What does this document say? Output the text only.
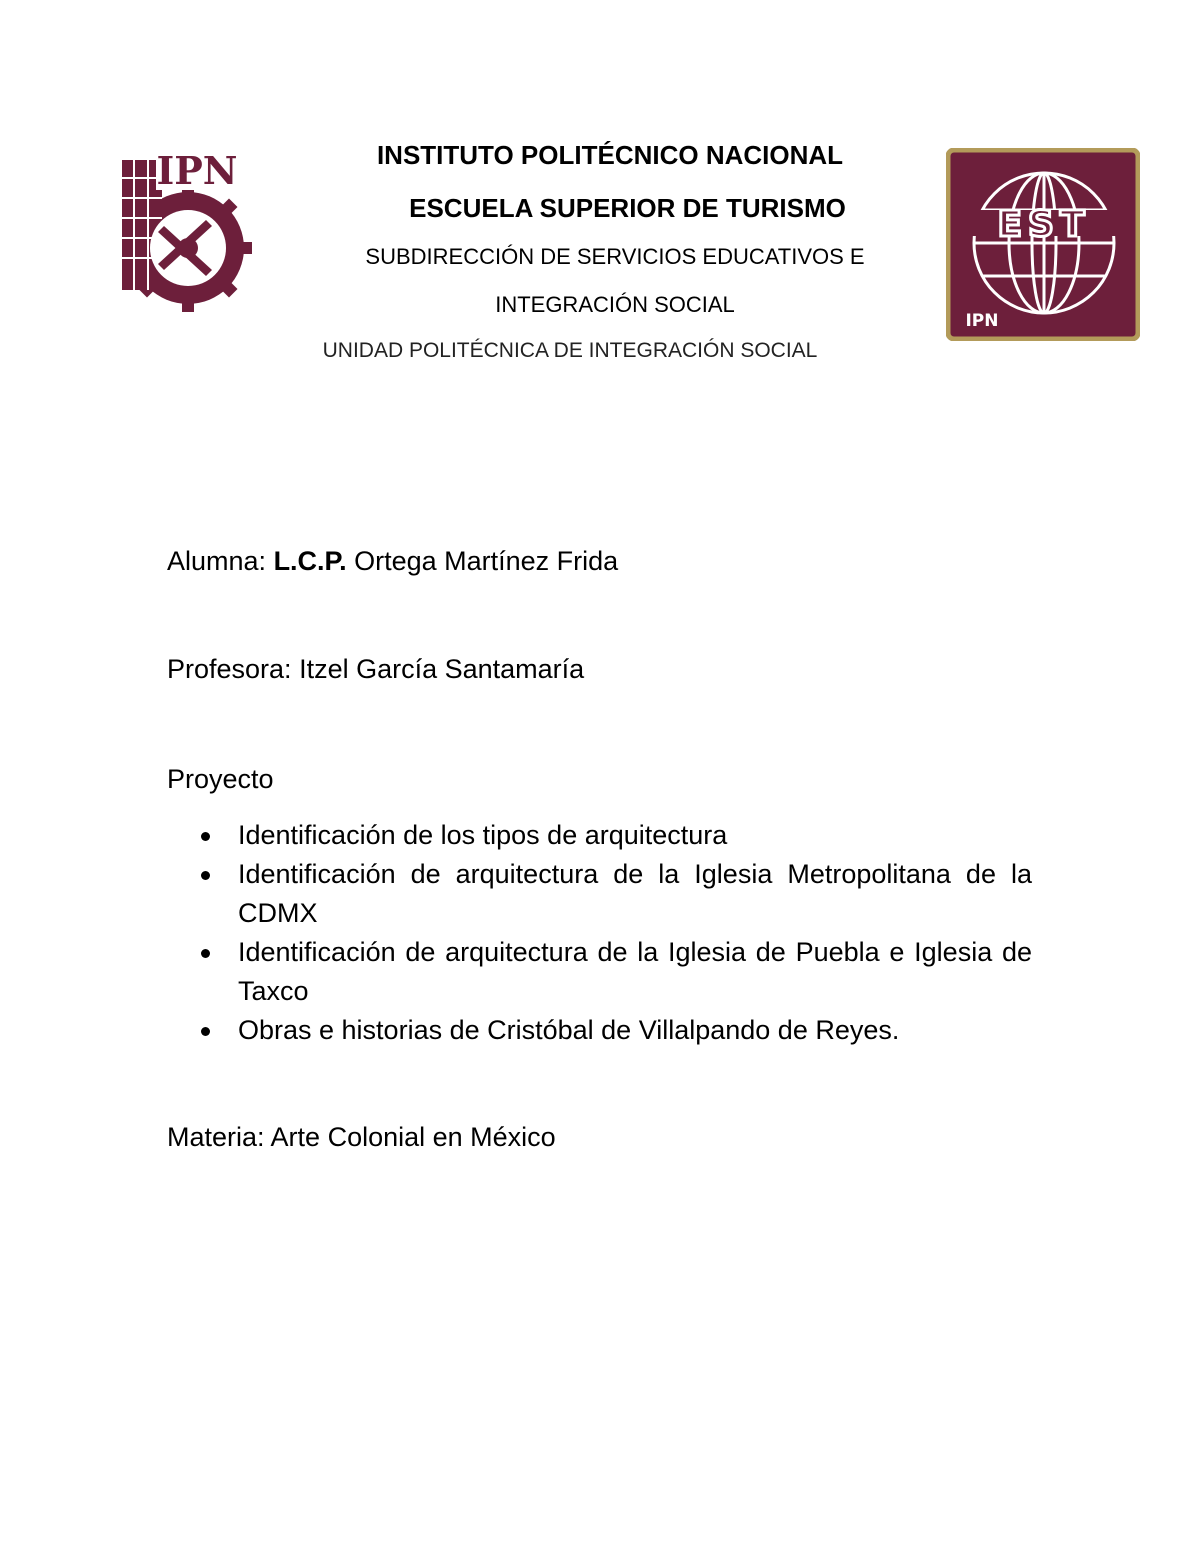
IPN	INSTITUTO POLITÉCNICO NACIONAL
ESCUELA SUPERIOR DE TURISMO
SUBDIRECCIÓN DE SERVICIOS EDUCATIVOS E
INTEGRACIÓN SOCIAL
UNIDAD POLITÉCNICA DE INTEGRACIÓN SOCIAL
EST
IPN
Alumna: L.C.P. Ortega Martínez Frida
Profesora: Itzel García Santamaría
Proyecto
Identificación de los tipos de arquitectura
Identificación de arquitectura de la Iglesia Metropolitana de la CDMX
Identificación de arquitectura de la Iglesia de Puebla e Iglesia de Taxco
Obras e historias de Cristóbal de Villalpando de Reyes.
Materia: Arte Colonial en México
